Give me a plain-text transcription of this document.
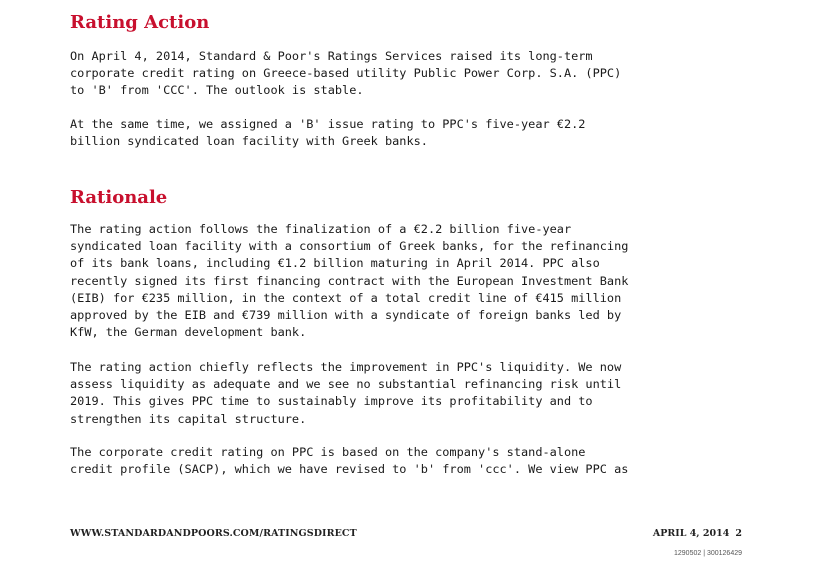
Rating Action

On April 4, 2014, Standard & Poor's Ratings Services raised its long-term
corporate credit rating on Greece-based utility Public Power Corp. S.A. (PPC)
to 'B' from 'CCC'. The outlook is stable.

At the same time, we assigned a 'B' issue rating to PPC's five-year €2.2
billion syndicated loan facility with Greek banks.

Rationale

The rating action follows the finalization of a €2.2 billion five-year
syndicated loan facility with a consortium of Greek banks, for the refinancing
of its bank loans, including €1.2 billion maturing in April 2014. PPC also
recently signed its first financing contract with the European Investment Bank
(EIB) for €235 million, in the context of a total credit line of €415 million
approved by the EIB and €739 million with a syndicate of foreign banks led by
KfW, the German development bank.

The rating action chiefly reflects the improvement in PPC's liquidity. We now
assess liquidity as adequate and we see no substantial refinancing risk until
2019. This gives PPC time to sustainably improve its profitability and to
strengthen its capital structure.

The corporate credit rating on PPC is based on the company's stand-alone
credit profile (SACP), which we have revised to 'b' from 'ccc'. We view PPC as

WWW.STANDARDANDPOORS.COM/RATINGSDIRECT	APRIL 4, 2014 2
1290502 | 300126429
